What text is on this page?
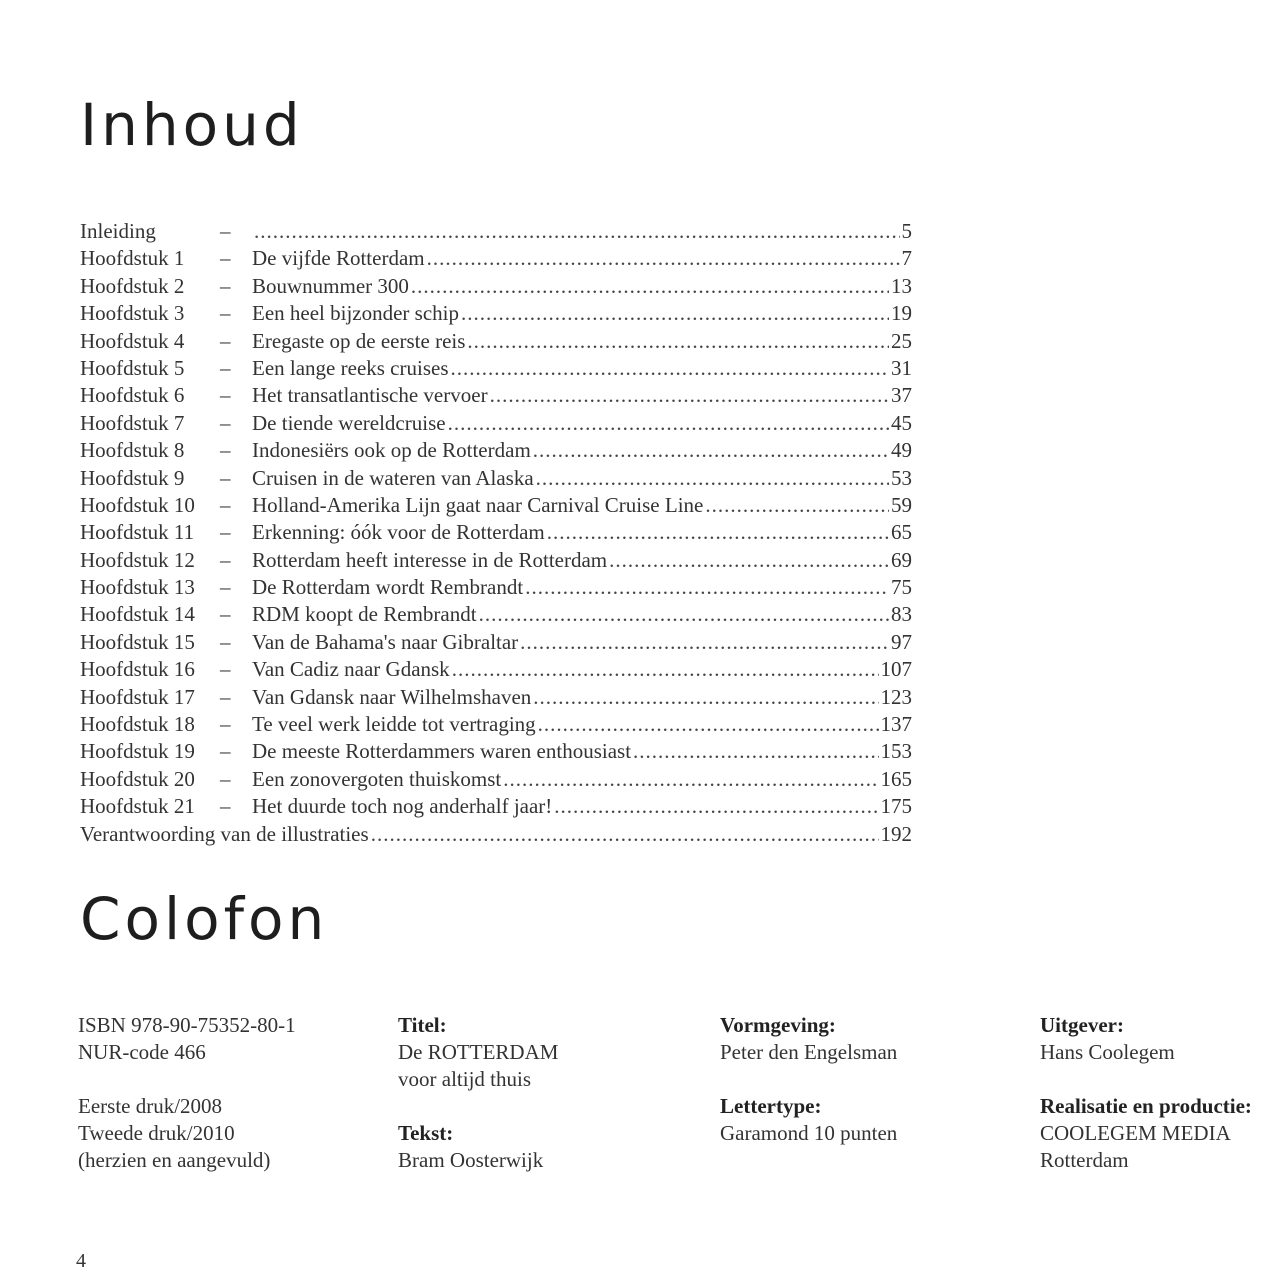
Inhoud
Inleiding	– .....	5
Hoofdstuk 1	–	De vijfde Rotterdam .....	7
Hoofdstuk 2	–	Bouwnummer 300 .....	13
Hoofdstuk 3	–	Een heel bijzonder schip .....	19
Hoofdstuk 4	–	Eregaste op de eerste reis .....	25
Hoofdstuk 5	–	Een lange reeks cruises .....	31
Hoofdstuk 6	–	Het transatlantische vervoer .....	37
Hoofdstuk 7	–	De tiende wereldcruise .....	45
Hoofdstuk 8	–	Indonesiërs ook op de Rotterdam .....	49
Hoofdstuk 9	–	Cruisen in de wateren van Alaska .....	53
Hoofdstuk 10	–	Holland-Amerika Lijn gaat naar Carnival Cruise Line .....	59
Hoofdstuk 11	–	Erkenning: óók voor de Rotterdam .....	65
Hoofdstuk 12	–	Rotterdam heeft interesse in de Rotterdam .....	69
Hoofdstuk 13	–	De Rotterdam wordt Rembrandt .....	75
Hoofdstuk 14	–	RDM koopt de Rembrandt .....	83
Hoofdstuk 15	–	Van de Bahama's naar Gibraltar .....	97
Hoofdstuk 16	–	Van Cadiz naar Gdansk .....	107
Hoofdstuk 17	–	Van Gdansk naar Wilhelmshaven .....	123
Hoofdstuk 18	–	Te veel werk leidde tot vertraging .....	137
Hoofdstuk 19	–	De meeste Rotterdammers waren enthousiast .....	153
Hoofdstuk 20	–	Een zonovergoten thuiskomst .....	165
Hoofdstuk 21	–	Het duurde toch nog anderhalf jaar! .....	175
Verantwoording van de illustraties .....	192
Colofon
ISBN 978-90-75352-80-1
NUR-code 466
Eerste druk/2008
Tweede druk/2010
(herzien en aangevuld)
Titel:
De ROTTERDAM
voor altijd thuis
Tekst:
Bram Oosterwijk
Vormgeving:
Peter den Engelsman
Lettertype:
Garamond 10 punten
Uitgever:
Hans Coolegem
Realisatie en productie:
COOLEGEM MEDIA
Rotterdam
4
